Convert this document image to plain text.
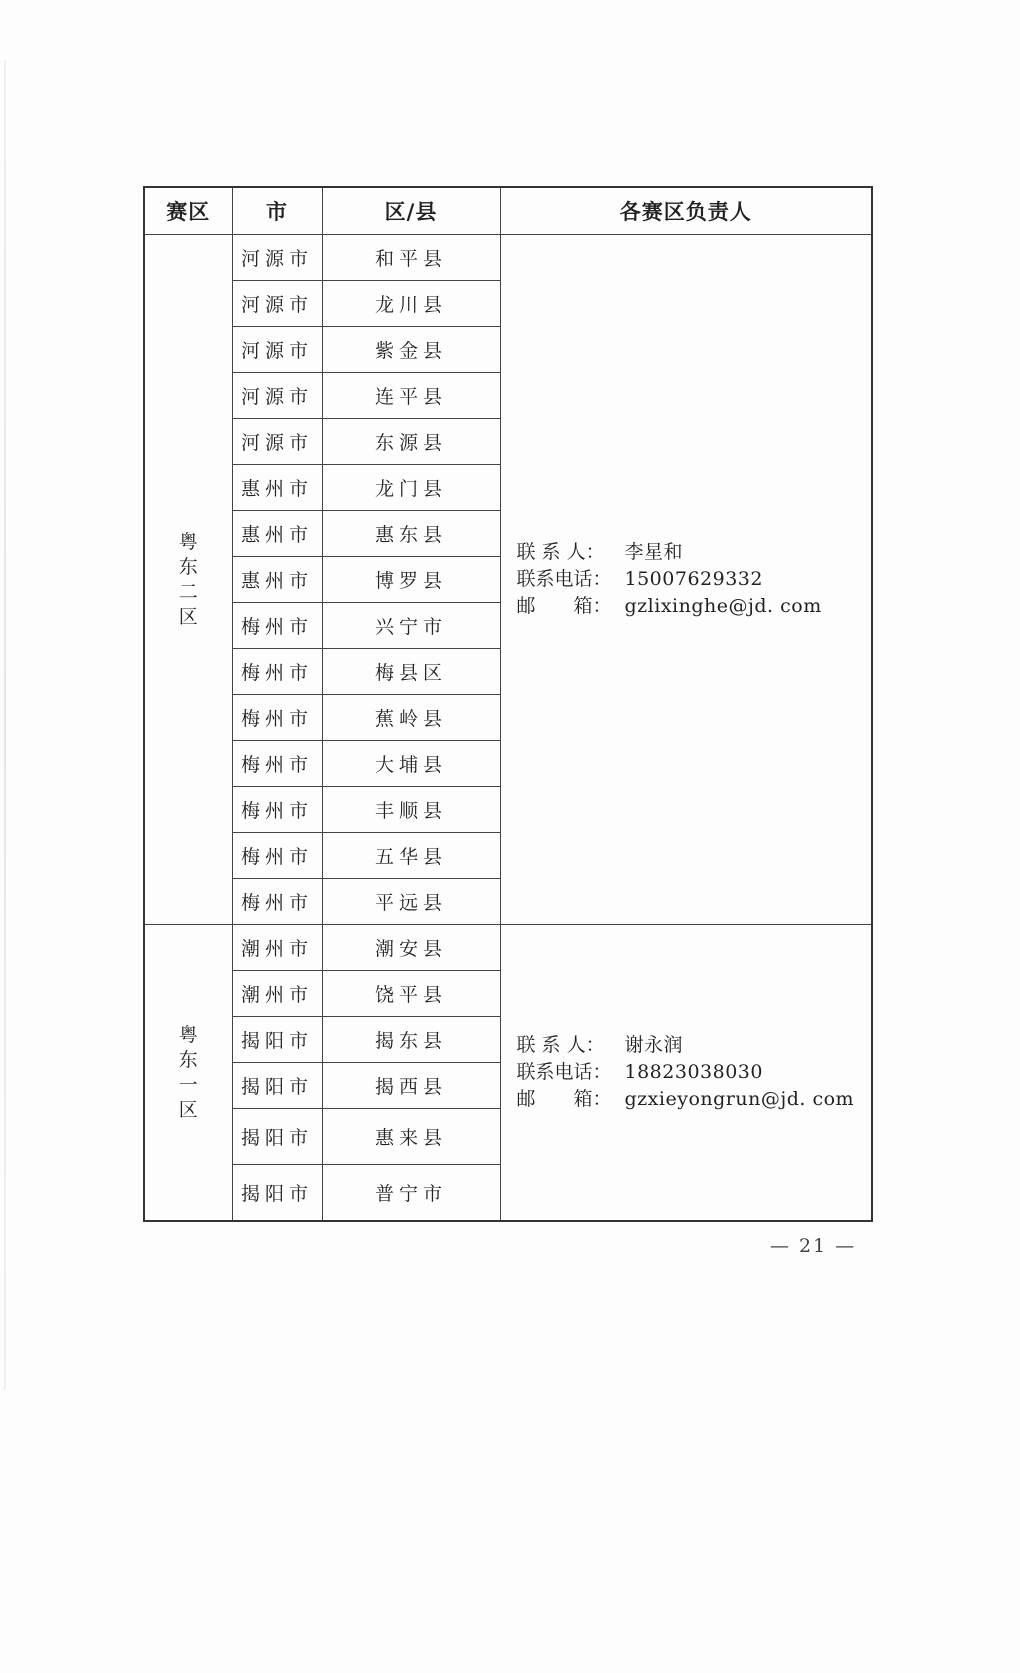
赛区	市	区/县	各赛区负责人
粤东二区	河源市	和平县	联 系 人： 李星和
联系电话： 15007629332
邮　　箱： gzlixinghe@jd. com

	河源市	龙川县	
	河源市	紫金县	
	河源市	连平县	
	河源市	东源县	
	惠州市	龙门县	
	惠州市	惠东县	
	惠州市	博罗县	
	梅州市	兴宁市	
	梅州市	梅县区	
	梅州市	蕉岭县	
	梅州市	大埔县	
	梅州市	丰顺县	
	梅州市	五华县	
	梅州市	平远县	
粤东一区	潮州市	潮安县	联 系 人： 谢永润
联系电话： 18823038030
邮　　箱： gzxieyongrun@jd. com

	潮州市	饶平县	
	揭阳市	揭东县	
	揭阳市	揭西县	
	揭阳市	惠来县	
	揭阳市	普宁市	
— 21 —
